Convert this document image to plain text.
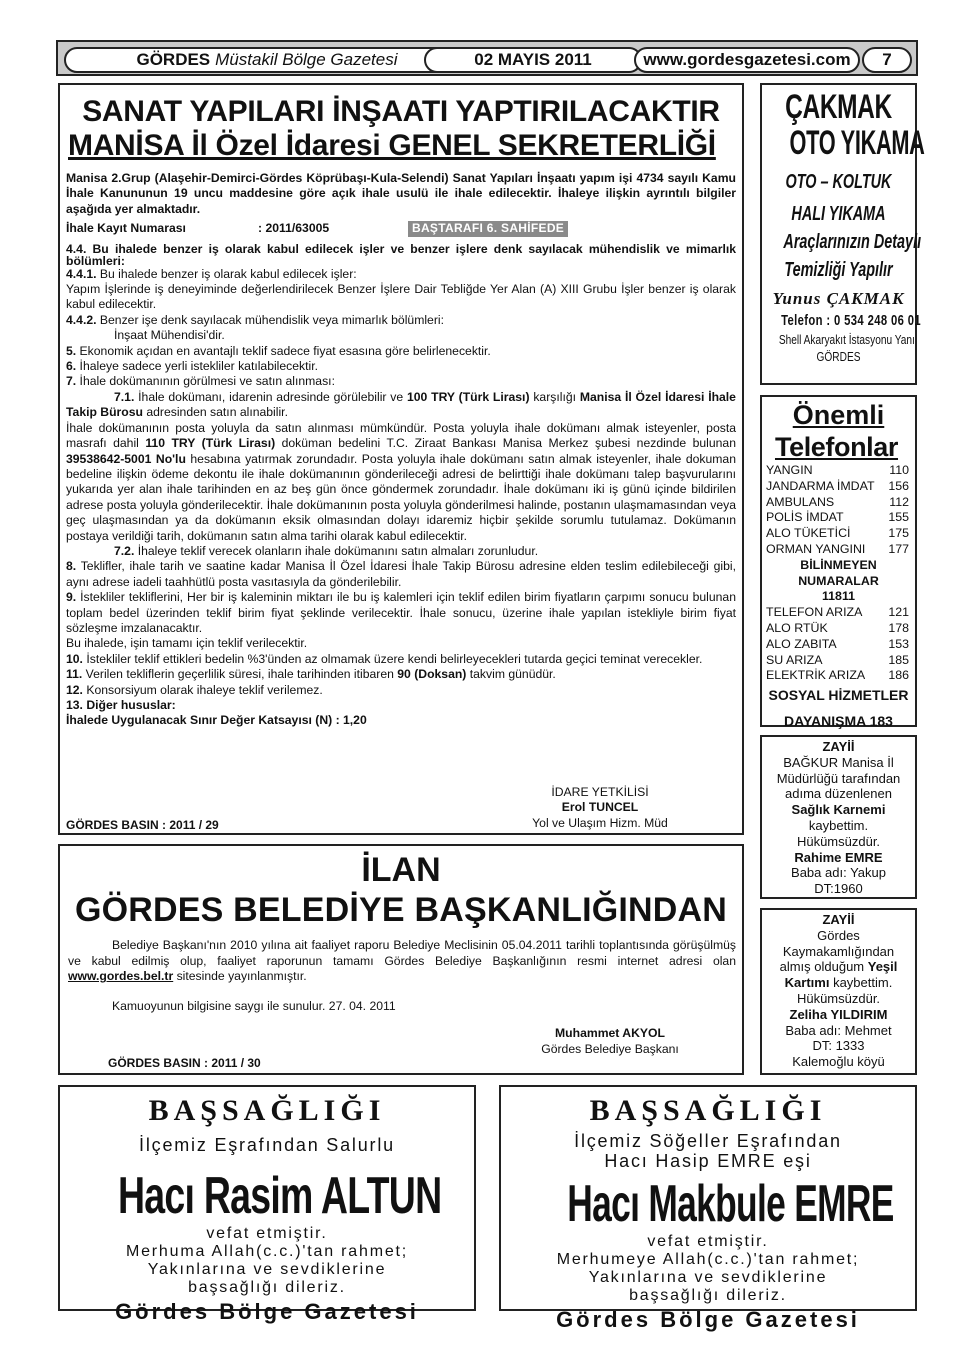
GÖRDES Müstakil Bölge Gazetesi	02 MAYIS 2011	www.gordesgazetesi.com	7
SANAT YAPILARI İNŞAATI YAPTIRILACAKTIR
MANİSA İl Özel İdaresi GENEL SEKRETERLİĞİ

Manisa 2.Grup (Alaşehir-Demirci-Gördes Köprübaşı-Kula-Selendi) Sanat Yapıları İnşaatı yapım işi 4734 sayılı Kamu İhale Kanununun 19 uncu maddesine göre açık ihale usulü ile ihale edilecektir. İhaleye ilişkin ayrıntılı bilgiler aşağıda yer almaktadır.

İhale Kayıt Numarası	: 2011/63005	BAŞTARAFI 6. SAHİFEDE

4.4. Bu ihalede benzer iş olarak kabul edilecek işler ve benzer işlere denk sayılacak mühendislik ve mimarlık bölümleri:

4.4.1. Bu ihalede benzer iş olarak kabul edilecek işler:

Yapım İşlerinde iş deneyiminde değerlendirilecek Benzer İşlere Dair Tebliğde Yer Alan (A) XIII Grubu İşler benzer iş olarak kabul edilecektir.

4.4.2. Benzer işe denk sayılacak mühendislik veya mimarlık bölümleri:

İnşaat Mühendisi'dir.

5. Ekonomik açıdan en avantajlı teklif sadece fiyat esasına göre belirlenecektir.

6. İhaleye sadece yerli istekliler katılabilecektir.

7. İhale dokümanının görülmesi ve satın alınması:

7.1. İhale dokümanı, idarenin adresinde görülebilir ve 100 TRY (Türk Lirası) karşılığı Manisa İl Özel İdaresi İhale Takip Bürosu adresinden satın alınabilir.

İhale dokümanının posta yoluyla da satın alınması mümkündür. Posta yoluyla ihale dokümanı almak isteyenler, posta masrafı dahil 110 TRY (Türk Lirası) doküman bedelini T.C. Ziraat Bankası Manisa Merkez şubesi nezdinde bulunan 39538642-5001 No'lu hesabına yatırmak zorundadır. Posta yoluyla ihale dokümanı satın almak isteyenler, ihale dokuman bedeline ilişkin ödeme dekontu ile ihale dokümanının gönderileceği adresi de belirttiği ihale dokümanı talep başvurularını yukarıda yer alan ihale tarihinden en az beş gün önce göndermek zorundadır. İhale dokümanı iki iş günü içinde bildirilen adrese posta yoluyla gönderilecektir. İhale dokümanının posta yoluyla gönderilmesi halinde, postanın ulaşmamasından veya geç ulaşmasından ya da dokümanın eksik olmasından dolayı idaremiz hiçbir şekilde sorumlu tutulamaz. Dokümanın postaya verildiği tarih, dokümanın satın alma tarihi olarak kabul edilecektir.

7.2. İhaleye teklif verecek olanların ihale dokümanını satın almaları zorunludur.

8. Teklifler, ihale tarih ve saatine kadar Manisa İl Özel İdaresi İhale Takip Bürosu adresine elden teslim edilebileceği gibi, aynı adrese iadeli taahhütlü posta vasıtasıyla da gönderilebilir.

9. İstekliler tekliflerini, Her bir iş kaleminin miktarı ile bu iş kalemleri için teklif edilen birim fiyatların çarpımı sonucu bulunan toplam bedel üzerinden teklif birim fiyat şeklinde verilecektir. İhale sonucu, üzerine ihale yapılan istekliyle birim fiyat sözleşme imzalanacaktır.

Bu ihalede, işin tamamı için teklif verilecektir.

10. İstekliler teklif ettikleri bedelin %3'ünden az olmamak üzere kendi belirleyecekleri tutarda geçici teminat verecekler.

11. Verilen tekliflerin geçerlilik süresi, ihale tarihinden itibaren 90 (Doksan) takvim günüdür.

12. Konsorsiyum olarak ihaleye teklif verilemez.

13. Diğer hususlar:

İhalede Uygulanacak Sınır Değer Katsayısı (N) : 1,20

İDARE YETKİLİSİ
Erol TUNCEL
Yol ve Ulaşım Hizm. Müd
GÖRDES BASIN : 2011 / 29
ÇAKMAK
OTO YIKAMA
OTO – KOLTUK
HALI YIKAMA
Araçlarınızın Detaylı
Temizliği Yapılır
Yunus ÇAKMAK
Telefon : 0 534 248 06 01
Shell Akaryakıt İstasyonu Yanı
GÖRDES
Önemli
Telefonlar
YANGIN	110
JANDARMA İMDAT 156
AMBULANS	112
POLİS İMDAT	155
ALO TÜKETİCİ	175
ORMAN YANGINI 177
BİLİNMEYEN NUMARALAR
11811
TELEFON ARIZA 121
ALO RTÜK	178
ALO ZABITA	153
SU ARIZA	185
ELEKTRİK ARIZA 186
SOSYAL HİZMETLER
DAYANIŞMA 183
ZAYİİ
BAĞKUR Manisa İl
Müdürlüğü tarafından
adıma düzenlenen
Sağlık Karnemi
kaybettim.
Hükümsüzdür.
Rahime EMRE
Baba adı: Yakup
DT:1960
ZAYİİ
Gördes
Kaymakamlığından
almış olduğum Yeşil
Kartımı kaybettim.
Hükümsüzdür.
Zeliha YILDIRIM
Baba adı: Mehmet
DT: 1333
Kalemoğlu köyü
İLAN
GÖRDES BELEDİYE BAŞKANLIĞINDAN

Belediye Başkanı'nın 2010 yılına ait faaliyet raporu Belediye Meclisinin 05.04.2011 tarihli toplantısında görüşülmüş ve kabul edilmiş olup, faaliyet raporunun tamamı Gördes Belediye Başkanlığının resmi internet adresi olan www.gordes.bel.tr sitesinde yayınlanmıştır.

Kamuoyunun bilgisine saygı ile sunulur. 27. 04. 2011

Muhammet AKYOL
Gördes Belediye Başkanı
GÖRDES BASIN : 2011 / 30
BAŞSAĞLIĞI
İlçemiz Eşrafından Salurlu
Hacı Rasim ALTUN
vefat etmiştir.
Merhuma Allah(c.c.)'tan rahmet;
Yakınlarına ve sevdiklerine
başsağlığı dileriz.
Gördes Bölge Gazetesi
BAŞSAĞLIĞI
İlçemiz Söğeller Eşrafından
Hacı Hasip EMRE eşi
Hacı Makbule EMRE
vefat etmiştir.
Merhumeye Allah(c.c.)'tan rahmet;
Yakınlarına ve sevdiklerine
başsağlığı dileriz.
Gördes Bölge Gazetesi
